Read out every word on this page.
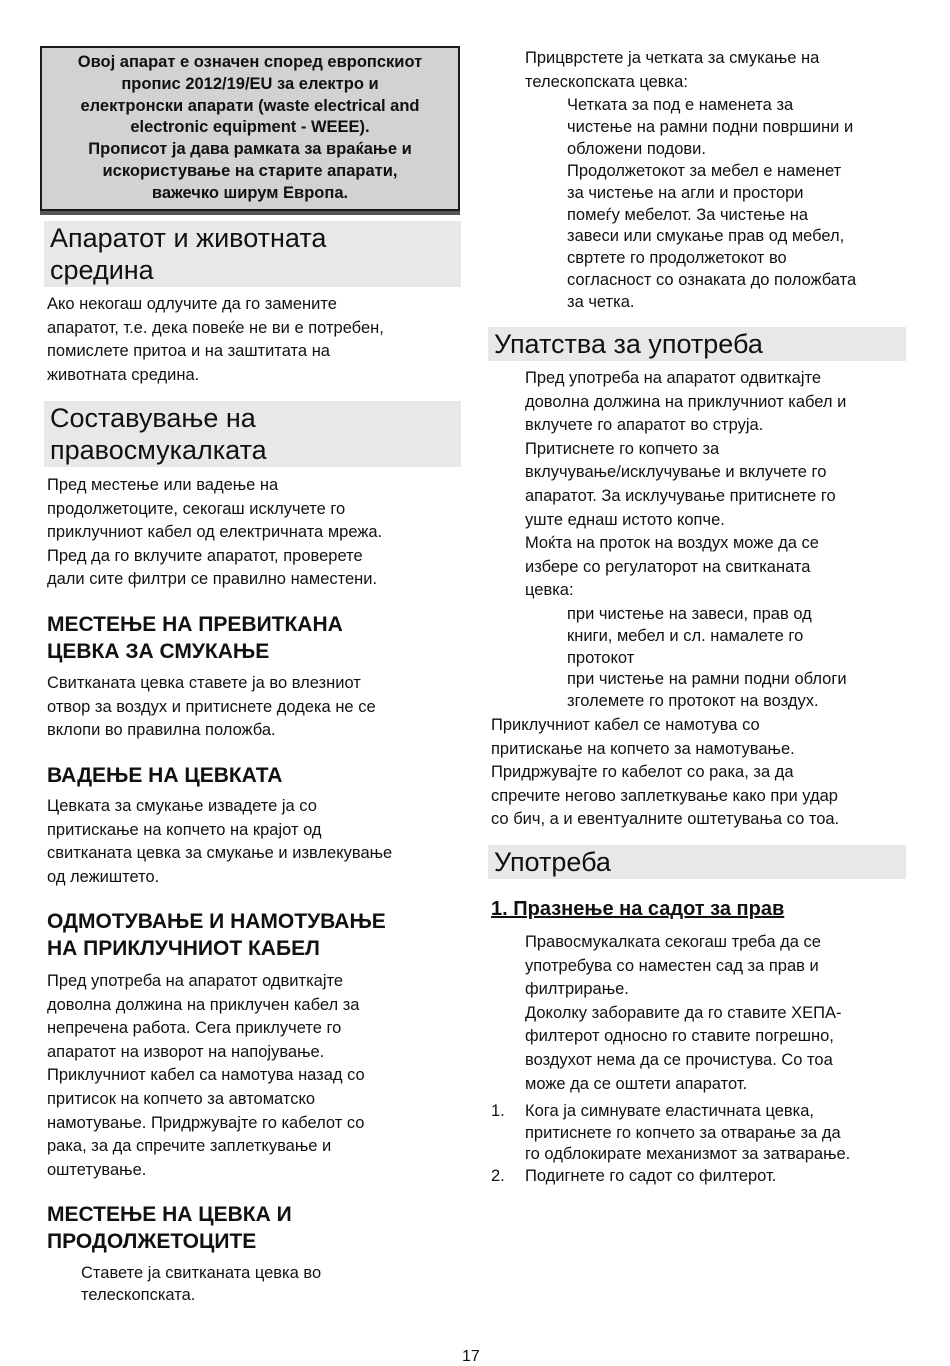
Овој апарат е означен според европскиот
пропис 2012/19/EU за електро и
електронски апарати (waste electrical and
electronic equipment - WEEE).
Прописот ја дава рамката за враќање и
искористување на старите апарати,
важечко ширум Европа.
Апаратот и животната
средина
Ако некогаш одлучите да го замените
апаратот, т.е. дека повеќе не ви е потребен,
помислете притоа и на заштитата на
животната средина.
Составување на
правосмукалката
Пред местење или вадење на
продолжетоците, секогаш исклучете го
приклучниот кабел од електричната мрежа.
Пред да го вклучите апаратот, проверете
дали сите филтри се правилно наместени.
МЕСТЕЊЕ НА ПРЕВИТКАНА
ЦЕВКА ЗА СМУКАЊЕ
Свитканата цевка ставете ја во влезниот
отвор за воздух и притиснете додека не се
вклопи во правилна положба.
ВАДЕЊЕ НА ЦЕВКАТА
Цевката за смукање извадете ја со
притискање на копчето на крајот од
свитканата цевка за смукање и извлекување
од лежиштето.
ОДМОТУВАЊЕ И НАМОТУВАЊЕ
НА ПРИКЛУЧНИОТ КАБЕЛ
Пред употреба на апаратот одвиткајте
доволна должина на приклучен кабел за
непречена работа. Сега приклучете го
апаратот на изворот на напојување.
Приклучниот кабел са намотува назад со
притисок на копчето за автоматско
намотување. Придржувајте го кабелот со
рака, за да спречите заплеткување и
оштетување.
МЕСТЕЊЕ НА ЦЕВКА И
ПРОДОЛЖЕТОЦИТЕ
Ставете ја свитканата цевка во
телескопската.
Прицврстете ја четката за смукање на
телескопската цевка:
Четката за под е наменета за
чистење на рамни подни површини и
обложени подови.
Продолжетокот за мебел е наменет
за чистење на агли и простори
помеѓу мебелот. За чистење на
завеси или смукање прав од мебел,
свртете го продолжетокот во
согласност со ознаката до положбата
за четка.
Упатства за употреба
Пред употреба на апаратот одвиткајте
доволна должина на приклучниот кабел и
вклучете го апаратот во струја.
Притиснете го копчето за
вклучување/исклучување и вклучете го
апаратот. За исклучување притиснете го
уште еднаш истото копче.
Моќта на проток на воздух може да се
избере со регулаторот на свитканата
цевка:
при чистење на завеси, прав од
книги, мебел и сл. намалете го
протокот
при чистење на рамни подни облоги
зголемете го протокот на воздух.
Приклучниот кабел се намотува со
притискање на копчето за намотување.
Придржувајте го кабелот со рака, за да
спречите негово заплеткување како при удар
со бич, а и евентуалните оштетувања со тоа.
Употреба
1. Празнење на садот за прав
Правосмукалката секогаш треба да се
употребува со наместен сад за прав и
филтрирање.
Доколку заборавите да го ставите ХЕПА-
филтерот односно го ставите погрешно,
воздухот нема да се прочистува. Со тоа
може да се оштети апаратот.
1. Кога ја симнувате еластичната цевка,
притиснете го копчето за отварање за да
го одблокирате механизмот за затварање.
2. Подигнете го садот со филтерот.
17
